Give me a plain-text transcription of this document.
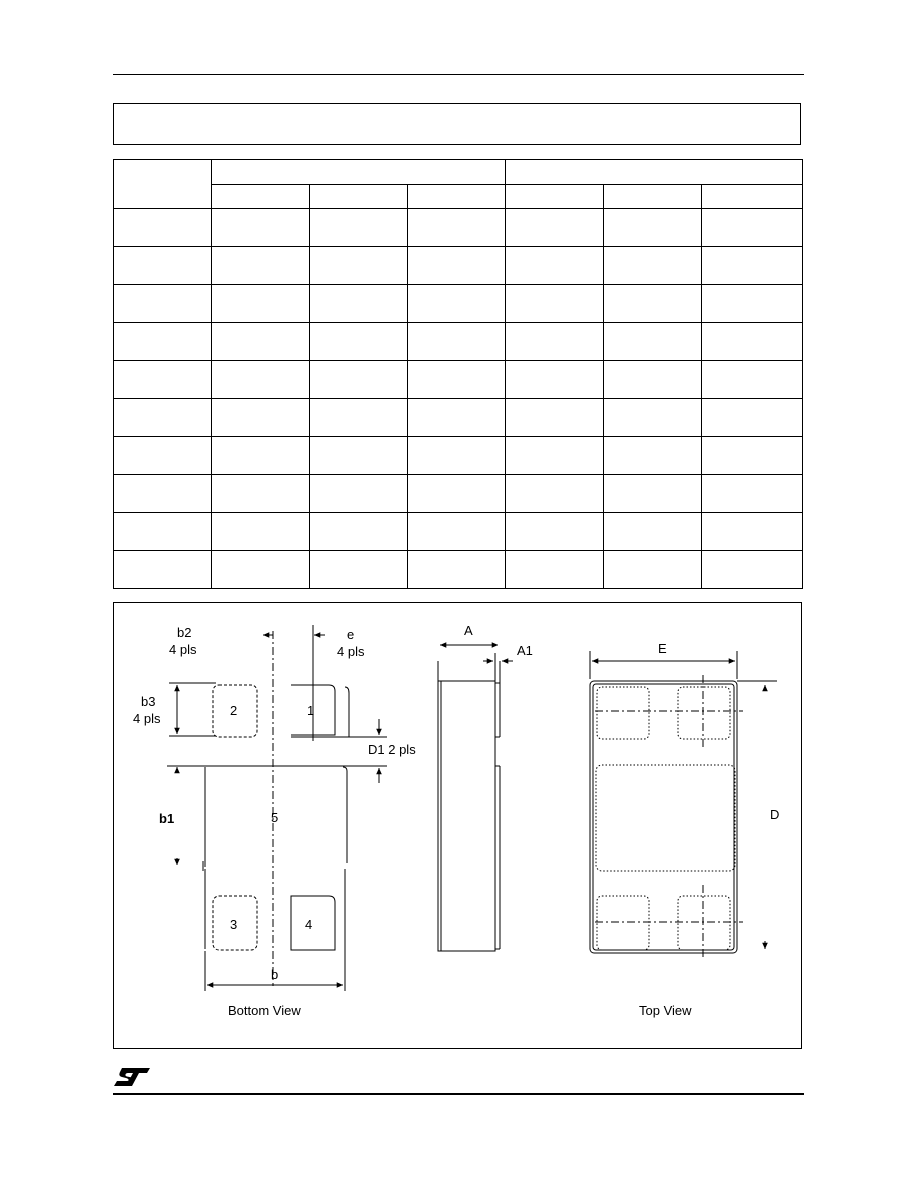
b2
4 pls
e
4 pls
b3
4 pls
D1 2 pls
b1
b
2	1
5
3	4
Bottom View
A
A1	E
D
Top View
